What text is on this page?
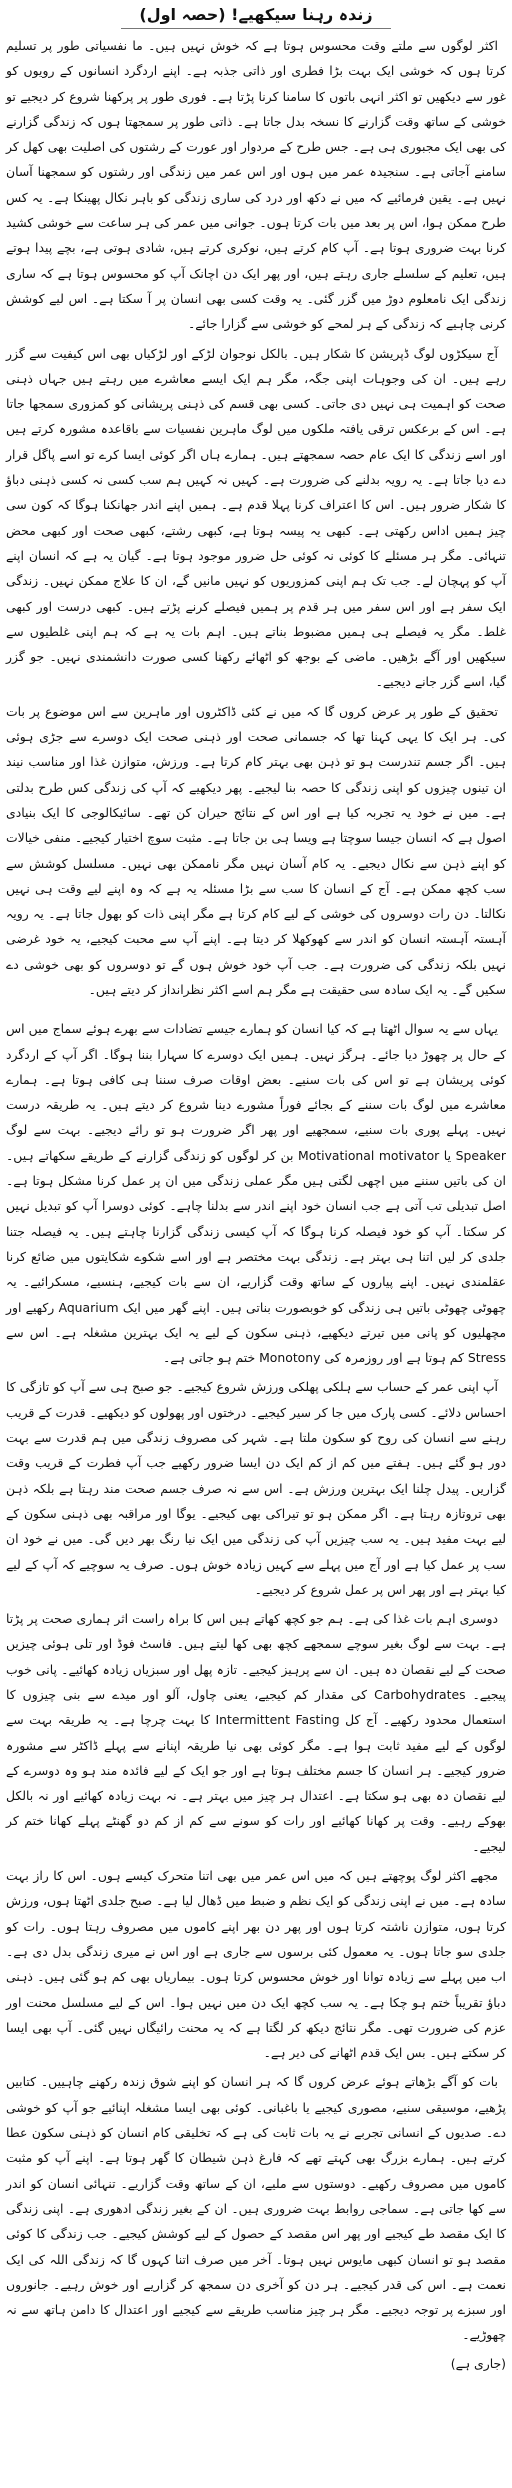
زندہ رہنا سیکھیے! (حصہ اول)

اکثر لوگوں سے ملتے وقت محسوس ہوتا ہے کہ خوش نہیں ہیں۔ ما نفسیاتی طور پر تسلیم کرتا ہوں کہ خوشی ایک بہت بڑا فطری اور ذاتی جذبہ ہے۔ اپنے اردگرد انسانوں کے رویوں کو غور سے دیکھیں تو اکثر انہی باتوں کا سامنا کرنا پڑتا ہے۔ فوری طور پر پرکھنا شروع کر دیجیے تو خوشی کے ساتھ وقت گزارنے کا نسخہ بدل جاتا ہے۔ ذاتی طور پر سمجھتا ہوں کہ زندگی گزارنے کی بھی ایک مجبوری ہی ہے۔ جس طرح کے مردوار اور عورت کے رشتوں کی اصلیت بھی کھل کر سامنے آجاتی ہے۔ سنجیدہ عمر میں ہوں اور اس عمر میں زندگی اور رشتوں کو سمجھنا آسان نہیں ہے۔ یقین فرمائیے کہ میں نے دکھ اور درد کی ساری زندگی کو باہر نکال پھینکا ہے۔ یہ کس طرح ممکن ہوا، اس پر بعد میں بات کرتا ہوں۔ جوانی میں عمر کی ہر ساعت سے خوشی کشید کرنا بہت ضروری ہوتا ہے۔ آپ کام کرتے ہیں، نوکری کرتے ہیں، شادی ہوتی ہے، بچے پیدا ہوتے ہیں، تعلیم کے سلسلے جاری رہتے ہیں، اور پھر ایک دن اچانک آپ کو محسوس ہوتا ہے کہ ساری زندگی ایک نامعلوم دوڑ میں گزر گئی۔ یہ وقت کسی بھی انسان پر آ سکتا ہے۔ اس لیے کوشش کرنی چاہیے کہ زندگی کے ہر لمحے کو خوشی سے گزارا جائے۔

آج سیکڑوں لوگ ڈپریشن کا شکار ہیں۔ بالکل نوجوان لڑکے اور لڑکیاں بھی اس کیفیت سے گزر رہے ہیں۔ ان کی وجوہات اپنی جگہ، مگر ہم ایک ایسے معاشرے میں رہتے ہیں جہاں ذہنی صحت کو اہمیت ہی نہیں دی جاتی۔ کسی بھی قسم کی ذہنی پریشانی کو کمزوری سمجھا جاتا ہے۔ اس کے برعکس ترقی یافتہ ملکوں میں لوگ ماہرین نفسیات سے باقاعدہ مشورہ کرتے ہیں اور اسے زندگی کا ایک عام حصہ سمجھتے ہیں۔ ہمارے ہاں اگر کوئی ایسا کرے تو اسے پاگل قرار دے دیا جاتا ہے۔ یہ رویہ بدلنے کی ضرورت ہے۔ کہیں نہ کہیں ہم سب کسی نہ کسی ذہنی دباؤ کا شکار ضرور ہیں۔ اس کا اعتراف کرنا پہلا قدم ہے۔ ہمیں اپنے اندر جھانکنا ہوگا کہ کون سی چیز ہمیں اداس رکھتی ہے۔ کبھی یہ پیسہ ہوتا ہے، کبھی رشتے، کبھی صحت اور کبھی محض تنہائی۔ مگر ہر مسئلے کا کوئی نہ کوئی حل ضرور موجود ہوتا ہے۔ گیان یہ ہے کہ انسان اپنے آپ کو پہچان لے۔ جب تک ہم اپنی کمزوریوں کو نہیں مانیں گے، ان کا علاج ممکن نہیں۔ زندگی ایک سفر ہے اور اس سفر میں ہر قدم پر ہمیں فیصلے کرنے پڑتے ہیں۔ کبھی درست اور کبھی غلط۔ مگر یہ فیصلے ہی ہمیں مضبوط بناتے ہیں۔ اہم بات یہ ہے کہ ہم اپنی غلطیوں سے سیکھیں اور آگے بڑھیں۔ ماضی کے بوجھ کو اٹھائے رکھنا کسی صورت دانشمندی نہیں۔ جو گزر گیا، اسے گزر جانے دیجیے۔

تحقیق کے طور پر عرض کروں گا کہ میں نے کئی ڈاکٹروں اور ماہرین سے اس موضوع پر بات کی۔ ہر ایک کا یہی کہنا تھا کہ جسمانی صحت اور ذہنی صحت ایک دوسرے سے جڑی ہوئی ہیں۔ اگر جسم تندرست ہو تو ذہن بھی بہتر کام کرتا ہے۔ ورزش، متوازن غذا اور مناسب نیند ان تینوں چیزوں کو اپنی زندگی کا حصہ بنا لیجیے۔ پھر دیکھیے کہ آپ کی زندگی کس طرح بدلتی ہے۔ میں نے خود یہ تجربہ کیا ہے اور اس کے نتائج حیران کن تھے۔ سائیکالوجی کا ایک بنیادی اصول ہے کہ انسان جیسا سوچتا ہے ویسا ہی بن جاتا ہے۔ مثبت سوچ اختیار کیجیے۔ منفی خیالات کو اپنے ذہن سے نکال دیجیے۔ یہ کام آسان نہیں مگر ناممکن بھی نہیں۔ مسلسل کوشش سے سب کچھ ممکن ہے۔ آج کے انسان کا سب سے بڑا مسئلہ یہ ہے کہ وہ اپنے لیے وقت ہی نہیں نکالتا۔ دن رات دوسروں کی خوشی کے لیے کام کرتا ہے مگر اپنی ذات کو بھول جاتا ہے۔ یہ رویہ آہستہ آہستہ انسان کو اندر سے کھوکھلا کر دیتا ہے۔ اپنے آپ سے محبت کیجیے، یہ خود غرضی نہیں بلکہ زندگی کی ضرورت ہے۔ جب آپ خود خوش ہوں گے تو دوسروں کو بھی خوشی دے سکیں گے۔ یہ ایک سادہ سی حقیقت ہے مگر ہم اسے اکثر نظرانداز کر دیتے ہیں۔

یہاں سے یہ سوال اٹھتا ہے کہ کیا انسان کو ہمارے جیسے تضادات سے بھرے ہوئے سماج میں اس کے حال پر چھوڑ دیا جائے۔ ہرگز نہیں۔ ہمیں ایک دوسرے کا سہارا بننا ہوگا۔ اگر آپ کے اردگرد کوئی پریشان ہے تو اس کی بات سنیے۔ بعض اوقات صرف سننا ہی کافی ہوتا ہے۔ ہمارے معاشرے میں لوگ بات سننے کے بجائے فوراً مشورے دینا شروع کر دیتے ہیں۔ یہ طریقہ درست نہیں۔ پہلے پوری بات سنیے، سمجھیے اور پھر اگر ضرورت ہو تو رائے دیجیے۔ بہت سے لوگ Speaker یا Motivational motivator بن کر لوگوں کو زندگی گزارنے کے طریقے سکھاتے ہیں۔ ان کی باتیں سننے میں اچھی لگتی ہیں مگر عملی زندگی میں ان پر عمل کرنا مشکل ہوتا ہے۔ اصل تبدیلی تب آتی ہے جب انسان خود اپنے اندر سے بدلنا چاہے۔ کوئی دوسرا آپ کو تبدیل نہیں کر سکتا۔ آپ کو خود فیصلہ کرنا ہوگا کہ آپ کیسی زندگی گزارنا چاہتے ہیں۔ یہ فیصلہ جتنا جلدی کر لیں اتنا ہی بہتر ہے۔ زندگی بہت مختصر ہے اور اسے شکوے شکایتوں میں ضائع کرنا عقلمندی نہیں۔ اپنے پیاروں کے ساتھ وقت گزاریے، ان سے بات کیجیے، ہنسیے، مسکرائیے۔ یہ چھوٹی چھوٹی باتیں ہی زندگی کو خوبصورت بناتی ہیں۔ اپنے گھر میں ایک Aquarium رکھیے اور مچھلیوں کو پانی میں تیرتے دیکھیے، ذہنی سکون کے لیے یہ ایک بہترین مشغلہ ہے۔ اس سے Stress کم ہوتا ہے اور روزمرہ کی Monotony ختم ہو جاتی ہے۔

آپ اپنی عمر کے حساب سے ہلکی پھلکی ورزش شروع کیجیے۔ جو صبح ہی سے آپ کو تازگی کا احساس دلائے۔ کسی پارک میں جا کر سیر کیجیے۔ درختوں اور پھولوں کو دیکھیے۔ قدرت کے قریب رہنے سے انسان کی روح کو سکون ملتا ہے۔ شہر کی مصروف زندگی میں ہم قدرت سے بہت دور ہو گئے ہیں۔ ہفتے میں کم از کم ایک دن ایسا ضرور رکھیے جب آپ فطرت کے قریب وقت گزاریں۔ پیدل چلنا ایک بہترین ورزش ہے۔ اس سے نہ صرف جسم صحت مند رہتا ہے بلکہ ذہن بھی تروتازہ رہتا ہے۔ اگر ممکن ہو تو تیراکی بھی کیجیے۔ یوگا اور مراقبہ بھی ذہنی سکون کے لیے بہت مفید ہیں۔ یہ سب چیزیں آپ کی زندگی میں ایک نیا رنگ بھر دیں گی۔ میں نے خود ان سب پر عمل کیا ہے اور آج میں پہلے سے کہیں زیادہ خوش ہوں۔ صرف یہ سوچیے کہ آپ کے لیے کیا بہتر ہے اور پھر اس پر عمل شروع کر دیجیے۔

دوسری اہم بات غذا کی ہے۔ ہم جو کچھ کھاتے ہیں اس کا براہ راست اثر ہماری صحت پر پڑتا ہے۔ بہت سے لوگ بغیر سوچے سمجھے کچھ بھی کھا لیتے ہیں۔ فاسٹ فوڈ اور تلی ہوئی چیزیں صحت کے لیے نقصان دہ ہیں۔ ان سے پرہیز کیجیے۔ تازہ پھل اور سبزیاں زیادہ کھائیے۔ پانی خوب پیجیے۔ Carbohydrates کی مقدار کم کیجیے، یعنی چاول، آلو اور میدے سے بنی چیزوں کا استعمال محدود رکھیے۔ آج کل Intermittent Fasting کا بہت چرچا ہے۔ یہ طریقہ بہت سے لوگوں کے لیے مفید ثابت ہوا ہے۔ مگر کوئی بھی نیا طریقہ اپنانے سے پہلے ڈاکٹر سے مشورہ ضرور کیجیے۔ ہر انسان کا جسم مختلف ہوتا ہے اور جو ایک کے لیے فائدہ مند ہو وہ دوسرے کے لیے نقصان دہ بھی ہو سکتا ہے۔ اعتدال ہر چیز میں بہتر ہے۔ نہ بہت زیادہ کھائیے اور نہ بالکل بھوکے رہیے۔ وقت پر کھانا کھائیے اور رات کو سونے سے کم از کم دو گھنٹے پہلے کھانا ختم کر لیجیے۔

مجھے اکثر لوگ پوچھتے ہیں کہ میں اس عمر میں بھی اتنا متحرک کیسے ہوں۔ اس کا راز بہت سادہ ہے۔ میں نے اپنی زندگی کو ایک نظم و ضبط میں ڈھال لیا ہے۔ صبح جلدی اٹھتا ہوں، ورزش کرتا ہوں، متوازن ناشتہ کرتا ہوں اور پھر دن بھر اپنے کاموں میں مصروف رہتا ہوں۔ رات کو جلدی سو جاتا ہوں۔ یہ معمول کئی برسوں سے جاری ہے اور اس نے میری زندگی بدل دی ہے۔ اب میں پہلے سے زیادہ توانا اور خوش محسوس کرتا ہوں۔ بیماریاں بھی کم ہو گئی ہیں۔ ذہنی دباؤ تقریباً ختم ہو چکا ہے۔ یہ سب کچھ ایک دن میں نہیں ہوا۔ اس کے لیے مسلسل محنت اور عزم کی ضرورت تھی۔ مگر نتائج دیکھ کر لگتا ہے کہ یہ محنت رائیگاں نہیں گئی۔ آپ بھی ایسا کر سکتے ہیں۔ بس ایک قدم اٹھانے کی دیر ہے۔

بات کو آگے بڑھاتے ہوئے عرض کروں گا کہ ہر انسان کو اپنے شوق زندہ رکھنے چاہییں۔ کتابیں پڑھیے، موسیقی سنیے، مصوری کیجیے یا باغبانی۔ کوئی بھی ایسا مشغلہ اپنائیے جو آپ کو خوشی دے۔ صدیوں کے انسانی تجربے نے یہ بات ثابت کی ہے کہ تخلیقی کام انسان کو ذہنی سکون عطا کرتے ہیں۔ ہمارے بزرگ بھی کہتے تھے کہ فارغ ذہن شیطان کا گھر ہوتا ہے۔ اپنے آپ کو مثبت کاموں میں مصروف رکھیے۔ دوستوں سے ملیے، ان کے ساتھ وقت گزاریے۔ تنہائی انسان کو اندر سے کھا جاتی ہے۔ سماجی روابط بہت ضروری ہیں۔ ان کے بغیر زندگی ادھوری ہے۔ اپنی زندگی کا ایک مقصد طے کیجیے اور پھر اس مقصد کے حصول کے لیے کوشش کیجیے۔ جب زندگی کا کوئی مقصد ہو تو انسان کبھی مایوس نہیں ہوتا۔ آخر میں صرف اتنا کہوں گا کہ زندگی اللہ کی ایک نعمت ہے۔ اس کی قدر کیجیے۔ ہر دن کو آخری دن سمجھ کر گزاریے اور خوش رہیے۔ جانوروں اور سبزے پر توجہ دیجیے۔ مگر ہر چیز مناسب طریقے سے کیجیے اور اعتدال کا دامن ہاتھ سے نہ چھوڑیے۔

(جاری ہے)
